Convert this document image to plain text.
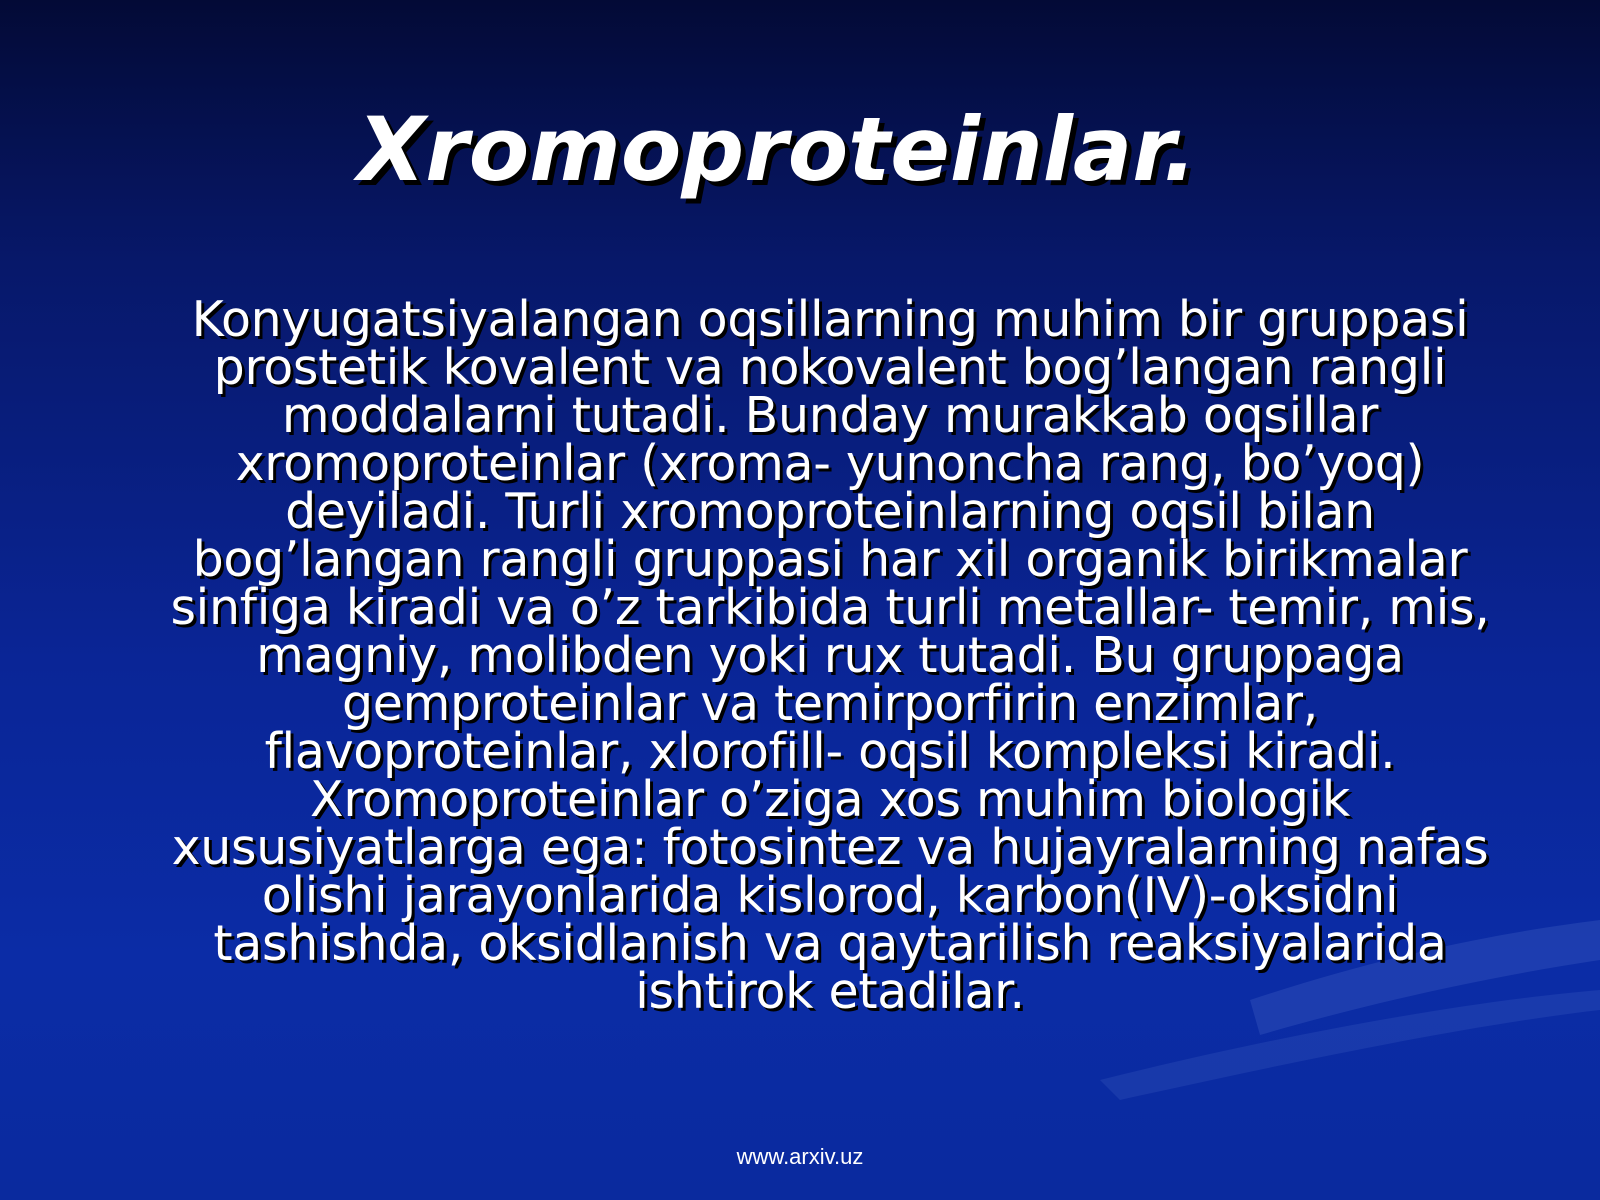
Xromoproteinlar.

Konyugatsiyalangan oqsillarning muhim bir gruppasi prostetik kovalent va nokovalent bog’langan rangli moddalarni tutadi. Bunday murakkab oqsillar xromoproteinlar (xroma- yunoncha rang, bo’yoq) deyiladi. Turli xromoproteinlarning oqsil bilan bog’langan rangli gruppasi har xil organik birikmalar sinfiga kiradi va o’z tarkibida turli metallar- temir, mis, magniy, molibden yoki rux tutadi. Bu gruppaga gemproteinlar va temirporfirin enzimlar, flavoproteinlar, xlorofill- oqsil kompleksi kiradi. Xromoproteinlar o’ziga xos muhim biologik xususiyatlarga ega: fotosintez va hujayralarning nafas olishi jarayonlarida kislorod, karbon(IV)-oksidni tashishda, oksidlanish va qaytarilish reaksiyalarida ishtirok etadilar.

www.arxiv.uz
